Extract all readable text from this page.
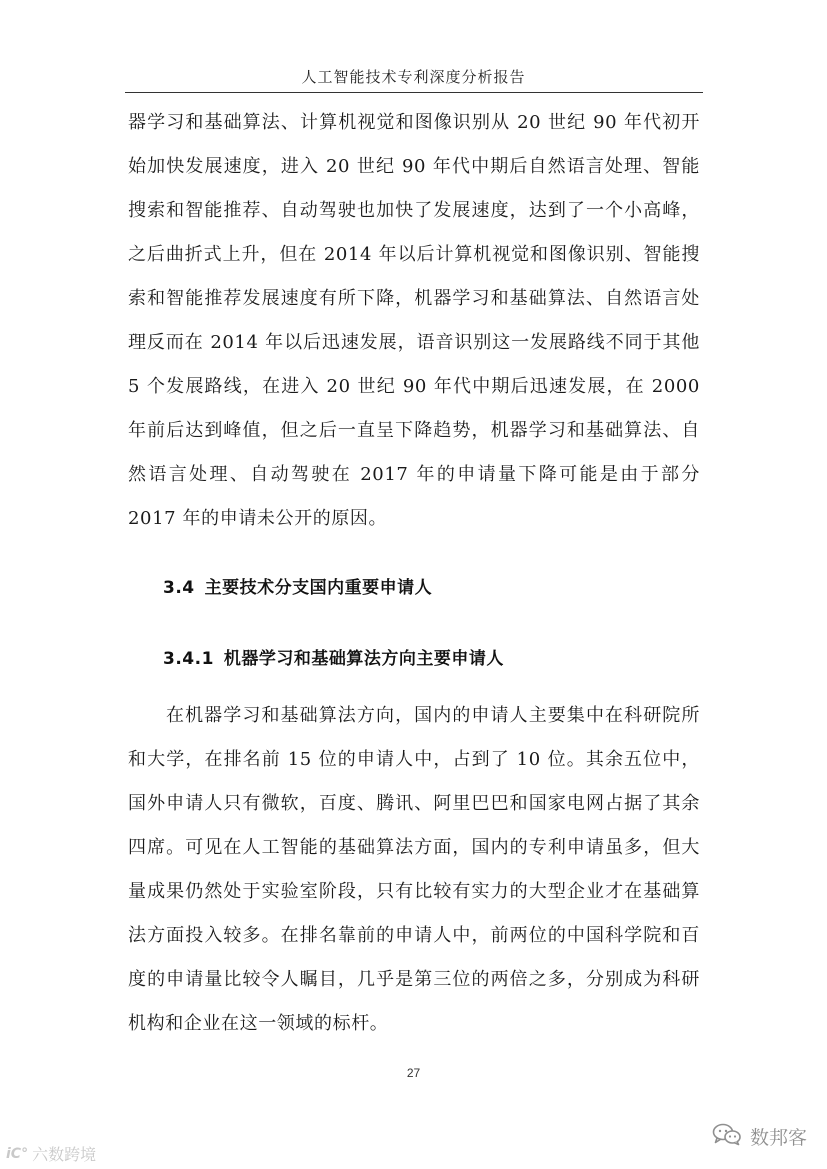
人工智能技术专利深度分析报告

器学习和基础算法、计算机视觉和图像识别从 20 世纪 90 年代初开始加快发展速度，进入 20 世纪 90 年代中期后自然语言处理、智能搜索和智能推荐、自动驾驶也加快了发展速度，达到了一个小高峰，之后曲折式上升，但在 2014 年以后计算机视觉和图像识别、智能搜索和智能推荐发展速度有所下降，机器学习和基础算法、自然语言处理反而在 2014 年以后迅速发展，语音识别这一发展路线不同于其他 5 个发展路线，在进入 20 世纪 90 年代中期后迅速发展，在 2000 年前后达到峰值，但之后一直呈下降趋势，机器学习和基础算法、自然语言处理、自动驾驶在 2017 年的申请量下降可能是由于部分 2017 年的申请未公开的原因。

3.4 主要技术分支国内重要申请人
3.4.1 机器学习和基础算法方向主要申请人

在机器学习和基础算法方向，国内的申请人主要集中在科研院所和大学，在排名前 15 位的申请人中，占到了 10 位。其余五位中，国外申请人只有微软，百度、腾讯、阿里巴巴和国家电网占据了其余四席。可见在人工智能的基础算法方面，国内的专利申请虽多，但大量成果仍然处于实验室阶段，只有比较有实力的大型企业才在基础算法方面投入较多。在排名靠前的申请人中，前两位的中国科学院和百度的申请量比较令人瞩目，几乎是第三位的两倍之多，分别成为科研机构和企业在这一领域的标杆。

27
iC° 六数跨境
数邦客
